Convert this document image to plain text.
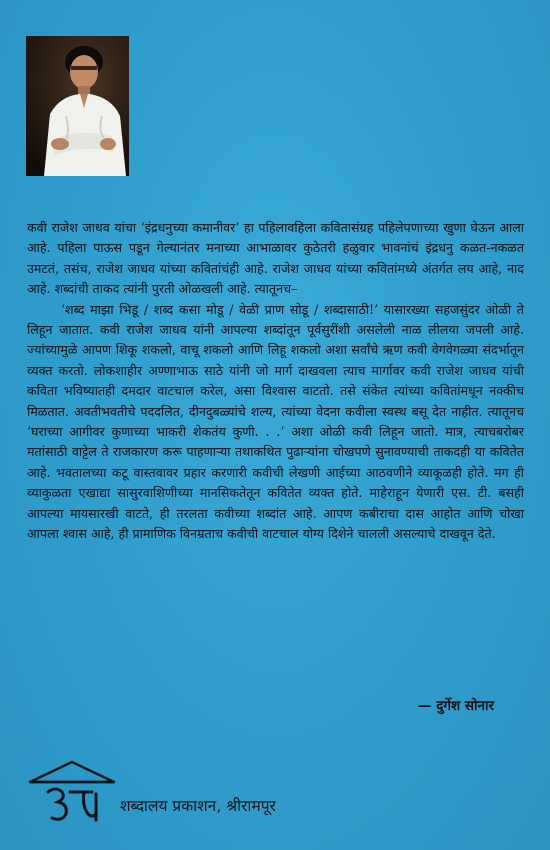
कवी राजेश जाधव यांचा ‘इंद्रधनुच्या कमानीवर’ हा पहिलावहिला कवितासंग्रह पहिलेपणाच्या खुणा घेऊन आला आहे. पहिला पाऊस पडून गेल्यानंतर मनाच्या आभाळावर कुठेतरी हळुवार भावनांचं इंद्रधनु कळत-नकळत उमटतं, तसंच, राजेश जाधव यांच्या कवितांचंही आहे. राजेश जाधव यांच्या कवितांमध्ये अंतर्गत लय आहे, नाद आहे. शब्दांची ताकद त्यांनी पुरती ओळखली आहे. त्यातूनच–

‘शब्द माझा भिडू / शब्द कसा मोडू / वेळी प्राण सोडू / शब्दासाठी!’ यासारख्या सहजसुंदर ओळी ते लिहून जातात. कवी राजेश जाधव यांनी आपल्या शब्दांतून पूर्वसुरींशी असलेली नाळ लीलया जपली आहे. ज्यांच्यामुळे आपण शिकू शकलो, वाचू शकलो आणि लिहू शकलो अशा सर्वांचे ऋण कवी वेगवेगळ्या संदर्भातून व्यक्त करतो. लोकशाहीर अण्णाभाऊ साठे यांनी जो मार्ग दाखवला त्याच मार्गावर कवी राजेश जाधव यांची कविता भविष्यातही दमदार वाटचाल करेल, असा विश्वास वाटतो. तसे संकेत त्यांच्या कवितांमधून नक्कीच मिळतात. अवतीभवतीचे पददलित, दीनदुबळ्यांचे शल्य, त्यांच्या वेदना कवीला स्वस्थ बसू देत नाहीत. त्यातूनच ‘घराच्या आगीवर कुणाच्या भाकरी शेकतंय कुणी. . .’ अशा ओळी कवी लिहून जातो. मात्र, त्याचबरोबर मतांसाठी वाट्टेल ते राजकारण करू पाहणाऱ्या तथाकथित पुढाऱ्यांना चोखपणे सुनावण्याची ताकदही या कवितेत आहे. भवतालच्या कटू वास्तवावर प्रहार करणारी कवीची लेखणी आईच्या आठवणीने व्याकूळही होते. मग ही व्याकुळता एखाद्या सासुरवाशिणीच्या मानसिकतेतून कवितेत व्यक्त होते. माहेराहून येणारी एस. टी. बसही आपल्या मायसारखी वाटते, ही तरलता कवीच्या शब्दांत आहे. आपण कबीराचा दास आहोत आणि चोखा आपला श्वास आहे, ही प्रामाणिक विनम्रताच कवीची वाटचाल योग्य दिशेने चालली असल्याचे दाखवून देते.

— दुर्गेश सोनार
शब्दालय प्रकाशन, श्रीरामपूर
